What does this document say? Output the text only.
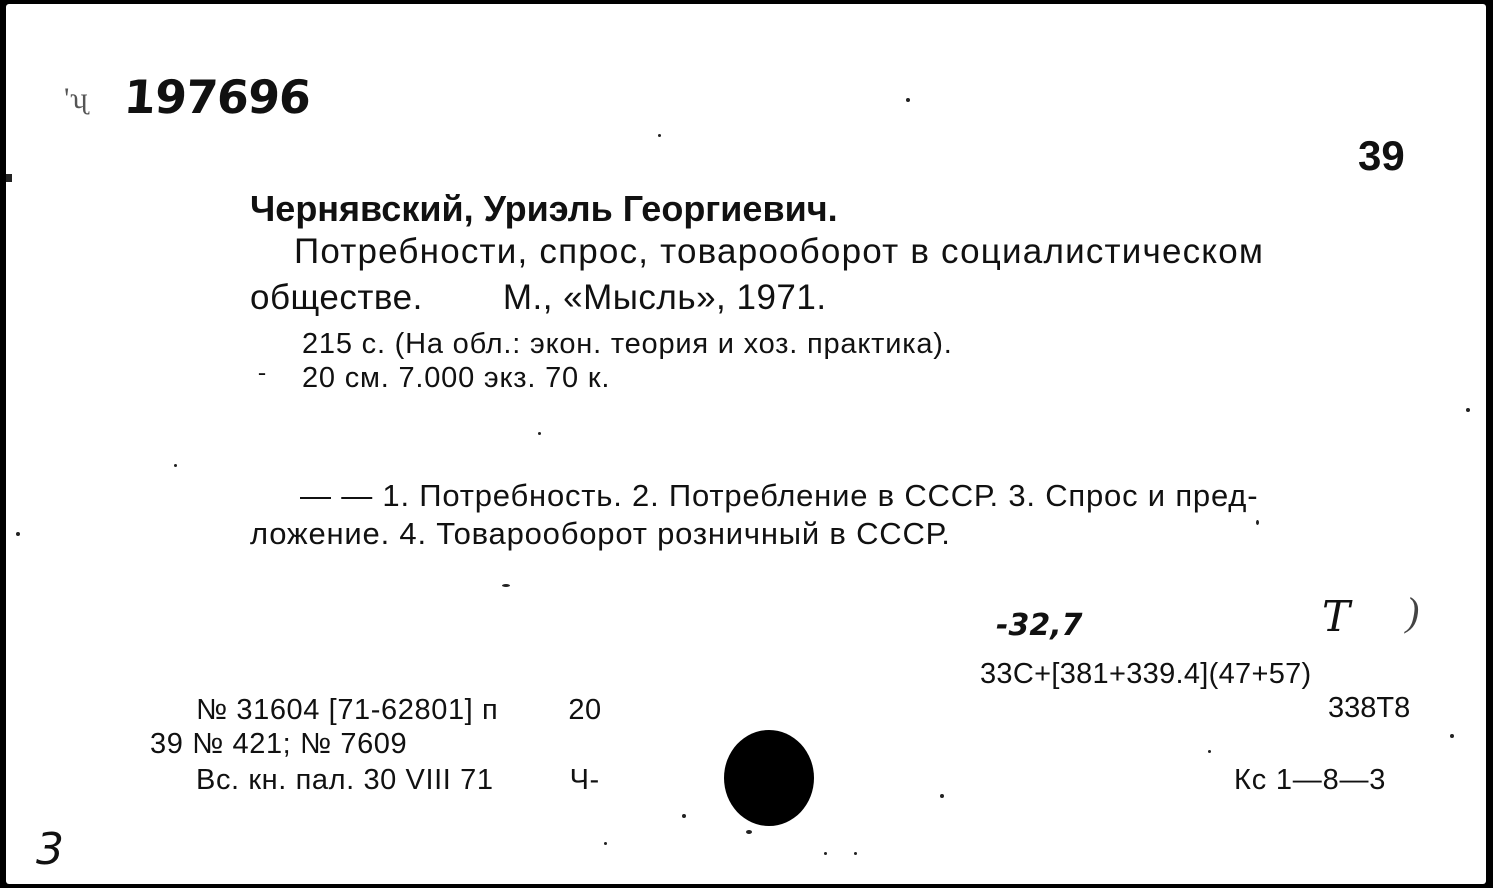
'ʯ 197696
39
Чернявский, Уриэль Георгиевич.
Потребности, спрос, товарооборот в социалистическом
обществе. М., «Мысль», 1971.
215 с. (На обл.: экон. теория и хоз. практика).
- 20 см. 7.000 экз. 70 к.
— — 1. Потребность. 2. Потребление в СССР. 3. Спрос и пред-
ложение. 4. Товарооборот розничный в СССР.
-32,7	Т )
33С+[381+339.4](47+57)
338Т8
№ 31604 [71-62801] п 20
39 № 421; № 7609
Вс. кн. пал. 30 VIII 71	Ч-	Кс 1—8—3
3
